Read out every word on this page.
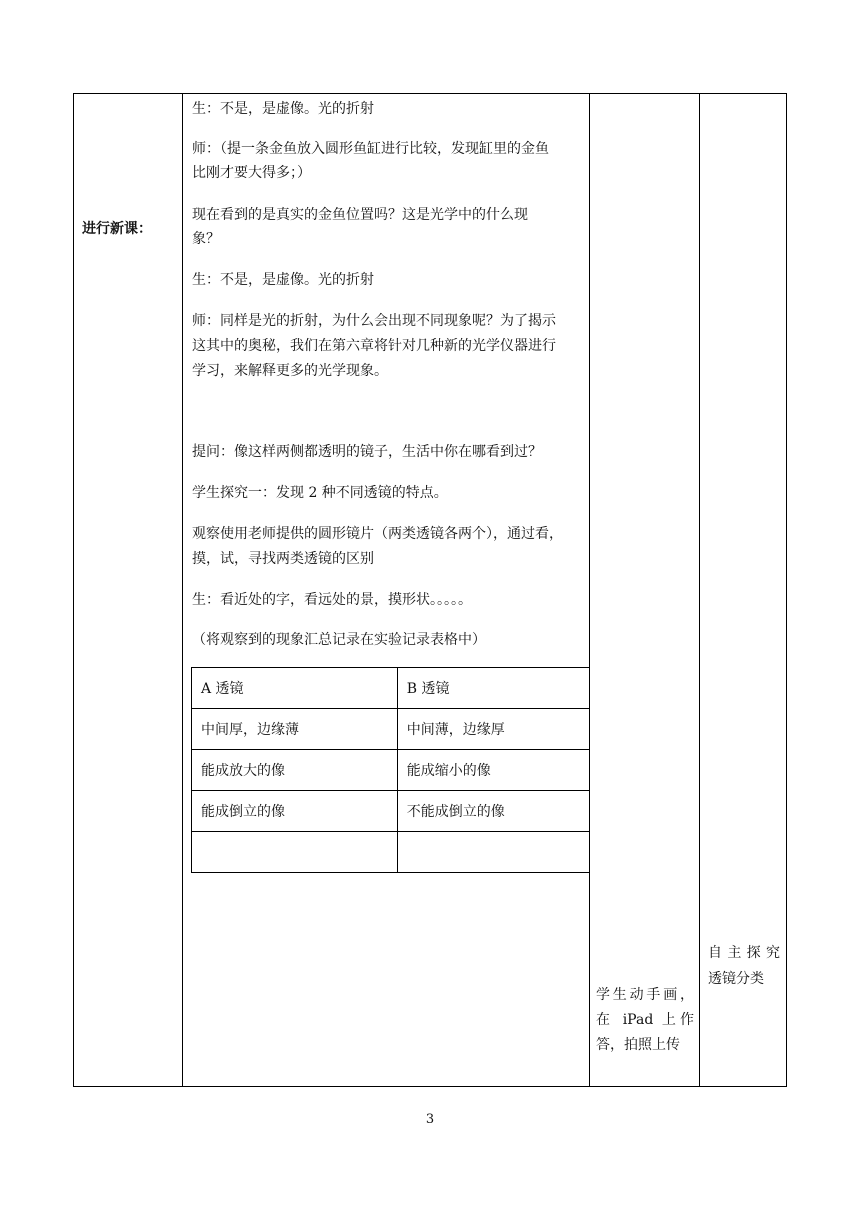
进行新课：
生：不是，是虚像。光的折射
师：（提一条金鱼放入圆形鱼缸进行比较，发现缸里的金鱼
比刚才要大得多；）
现在看到的是真实的金鱼位置吗？这是光学中的什么现
象？
生：不是，是虚像。光的折射
师：同样是光的折射，为什么会出现不同现象呢？为了揭示
这其中的奥秘，我们在第六章将针对几种新的光学仪器进行
学习，来解释更多的光学现象。
提问：像这样两侧都透明的镜子，生活中你在哪看到过？
学生探究一：发现 2 种不同透镜的特点。
观察使用老师提供的圆形镜片（两类透镜各两个），通过看，
摸，试，寻找两类透镜的区别
生：看近处的字，看远处的景，摸形状。。。。。
（将观察到的现象汇总记录在实验记录表格中）
A 透镜	B 透镜
中间厚，边缘薄	中间薄，边缘厚
能成放大的像	能成缩小的像
能成倒立的像	不能成倒立的像

学生动手画，
在 iPad 上作
答，拍照上传
自主探究
透镜分类
3
